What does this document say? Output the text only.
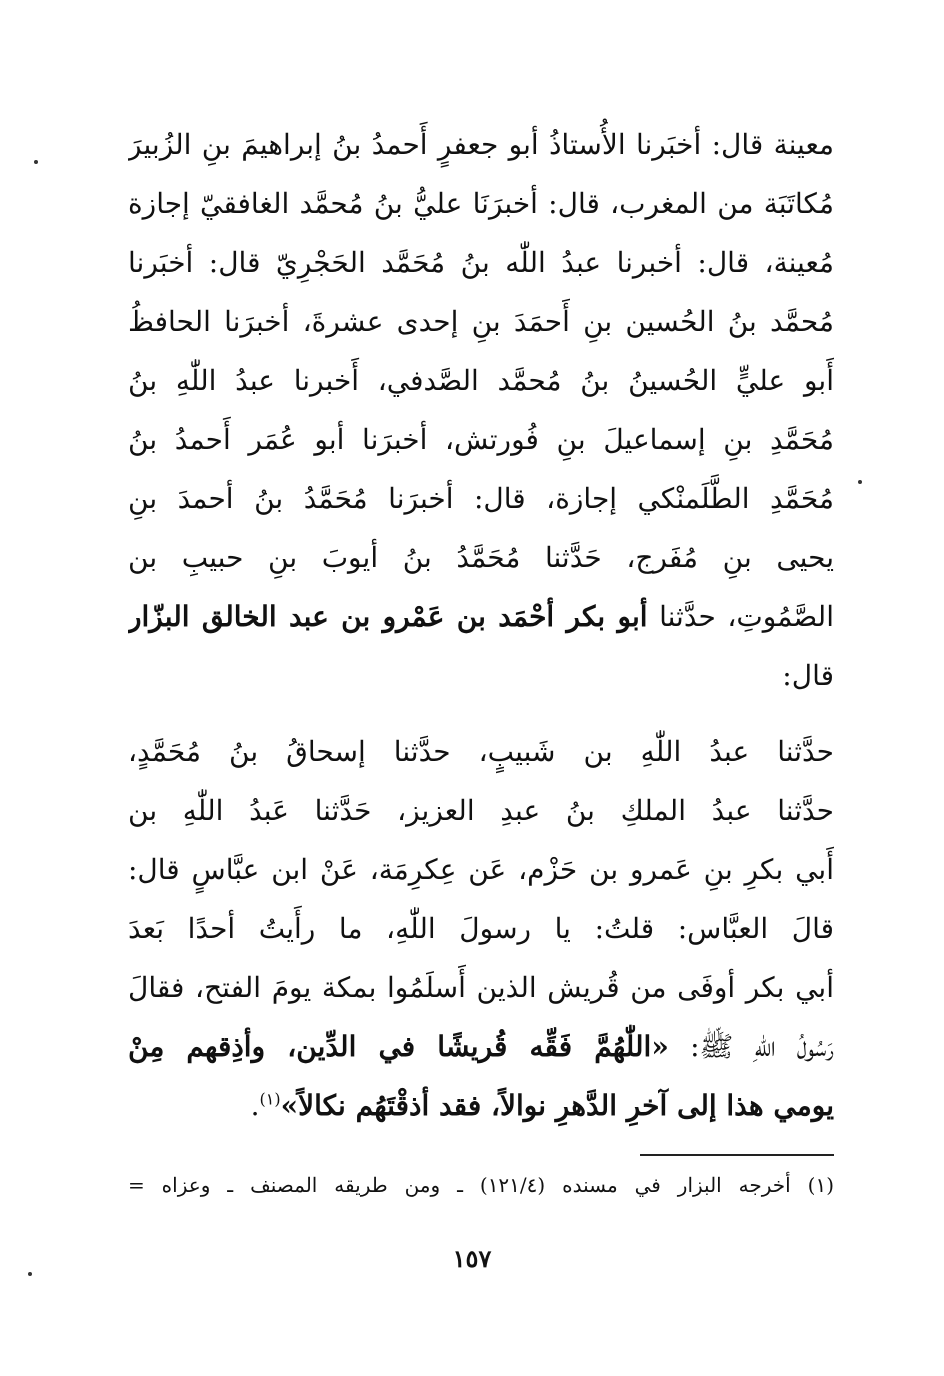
معينة قال: أخبَرنا الأُستاذُ أبو جعفرٍ أَحمدُ بنُ إبراهيمَ بنِ الزُبيرَ
مُكاتَبَة من المغرب، قال: أخبرَنَا عليُّ بنُ مُحمَّد الغافقيّ إجازة
مُعينة، قال: أخبرنا عبدُ اللّٰه بنُ مُحَمَّد الحَجْرِيّ قال: أخبَرنا
مُحمَّد بنُ الحُسين بنِ أَحمَدَ بنِ إحدى عشرةَ، أخبرَنا الحافظُ
أَبو عليٍّ الحُسينُ بنُ مُحمَّد الصَّدفي، أَخبرنا عبدُ اللّٰهِ بنُ
مُحَمَّدِ بنِ إسماعيلَ بنِ فُورتش، أخبرَنا أبو عُمَر أَحمدُ بنُ
مُحَمَّدِ الطَّلَمنْكي إجازة، قال: أخبرَنا مُحَمَّدُ بنُ أحمدَ بنِ
يحيى بنِ مُفَرج، حَدَّثنا مُحَمَّدُ بنُ أيوبَ بنِ حبيبِ بن
الصَّمُوتِ، حدَّثنا أبو بكر أحْمَد بن عَمْرو بن عبد الخالق البزّار
قال:
حدَّثنا عبدُ اللّٰهِ بن شَبيبٍ، حدَّثنا إسحاقُ بنُ مُحَمَّدٍ،
حدَّثنا عبدُ الملكِ بنُ عبدِ العزيز، حَدَّثنا عَبدُ اللّٰهِ بن
أَبي بكرِ بنِ عَمرو بن حَزْم، عَن عِكرِمَة، عَنْ ابن عبَّاسٍ قال:
قالَ العبَّاس: قلتُ: يا رسولَ اللّٰهِ، ما رأَيتُ أحدًا بَعدَ
أبي بكر أوفَى من قُريش الذين أَسلَمُوا بمكة يومَ الفتح، فقالَ
رَسُولُ اللّٰهِ ﷺ: «اللّٰهُمَّ فَقِّه قُريشًا في الدِّين، وأذِقهم مِنْ
يومي هذا إلى آخرِ الدَّهرِ نوالاً، فقد أذقْتَهُم نكالاً»$^{(١)}$.
(١) أخرجه البزار في مسنده (١٢١/٤) ـ ومن طريقه المصنف ـ وعزاه =
١٥٧
